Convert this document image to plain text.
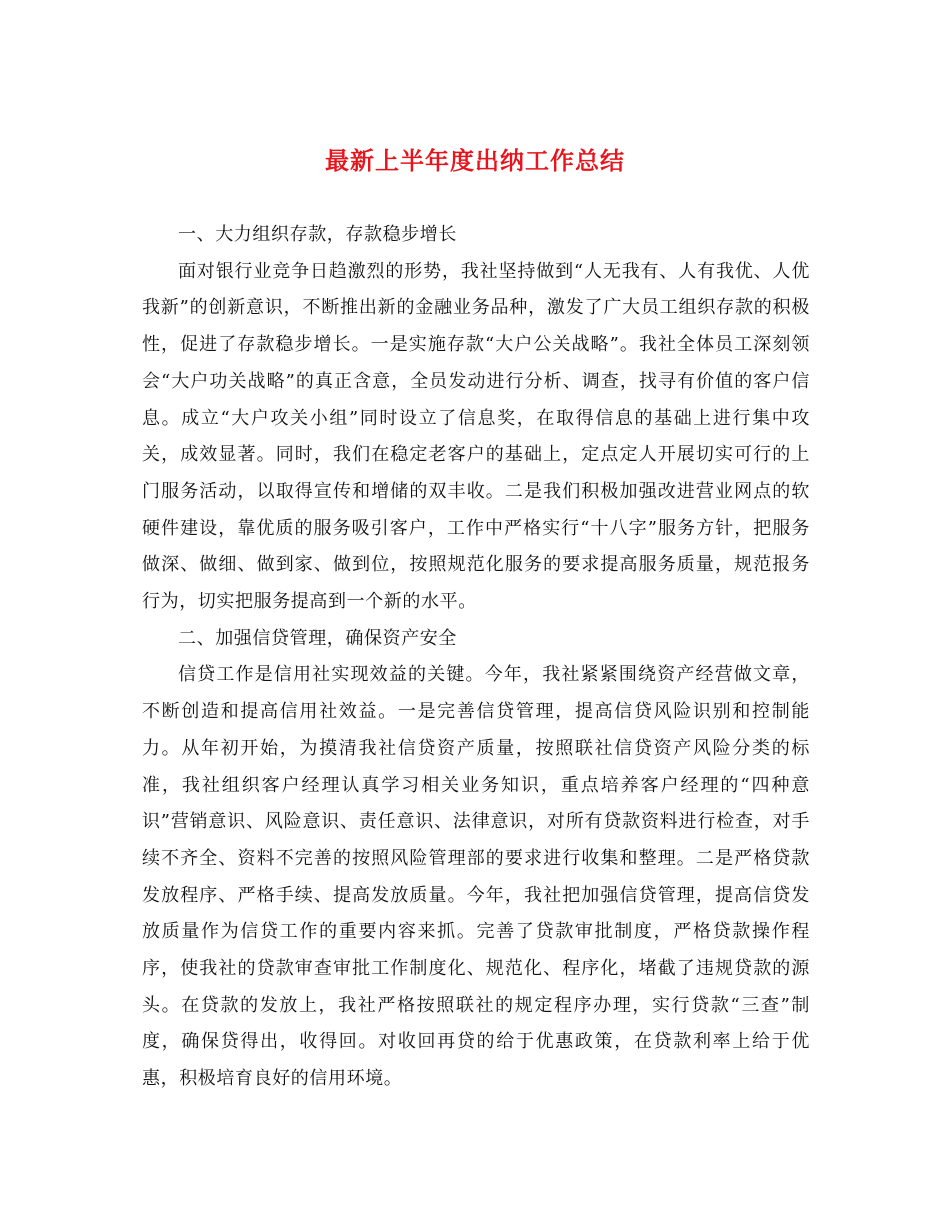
最新上半年度出纳工作总结

一、大力组织存款，存款稳步增长

面对银行业竞争日趋激烈的形势，我社坚持做到“人无我有、人有我优、人优我新”的创新意识，不断推出新的金融业务品种，激发了广大员工组织存款的积极性，促进了存款稳步增长。一是实施存款“大户公关战略”。我社全体员工深刻领会“大户功关战略”的真正含意，全员发动进行分析、调查，找寻有价值的客户信息。成立“大户攻关小组”同时设立了信息奖，在取得信息的基础上进行集中攻关，成效显著。同时，我们在稳定老客户的基础上，定点定人开展切实可行的上门服务活动，以取得宣传和增储的双丰收。二是我们积极加强改进营业网点的软硬件建设，靠优质的服务吸引客户，工作中严格实行“十八字”服务方针，把服务做深、做细、做到家、做到位，按照规范化服务的要求提高服务质量，规范报务行为，切实把服务提高到一个新的水平。

二、加强信贷管理，确保资产安全

信贷工作是信用社实现效益的关键。今年，我社紧紧围绕资产经营做文章，不断创造和提高信用社效益。一是完善信贷管理，提高信贷风险识别和控制能力。从年初开始，为摸清我社信贷资产质量，按照联社信贷资产风险分类的标准，我社组织客户经理认真学习相关业务知识，重点培养客户经理的“四种意识”营销意识、风险意识、责任意识、法律意识，对所有贷款资料进行检查，对手续不齐全、资料不完善的按照风险管理部的要求进行收集和整理。二是严格贷款发放程序、严格手续、提高发放质量。今年，我社把加强信贷管理，提高信贷发放质量作为信贷工作的重要内容来抓。完善了贷款审批制度，严格贷款操作程序，使我社的贷款审查审批工作制度化、规范化、程序化，堵截了违规贷款的源头。在贷款的发放上，我社严格按照联社的规定程序办理，实行贷款“三查”制度，确保贷得出，收得回。对收回再贷的给于优惠政策，在贷款利率上给于优惠，积极培育良好的信用环境。
